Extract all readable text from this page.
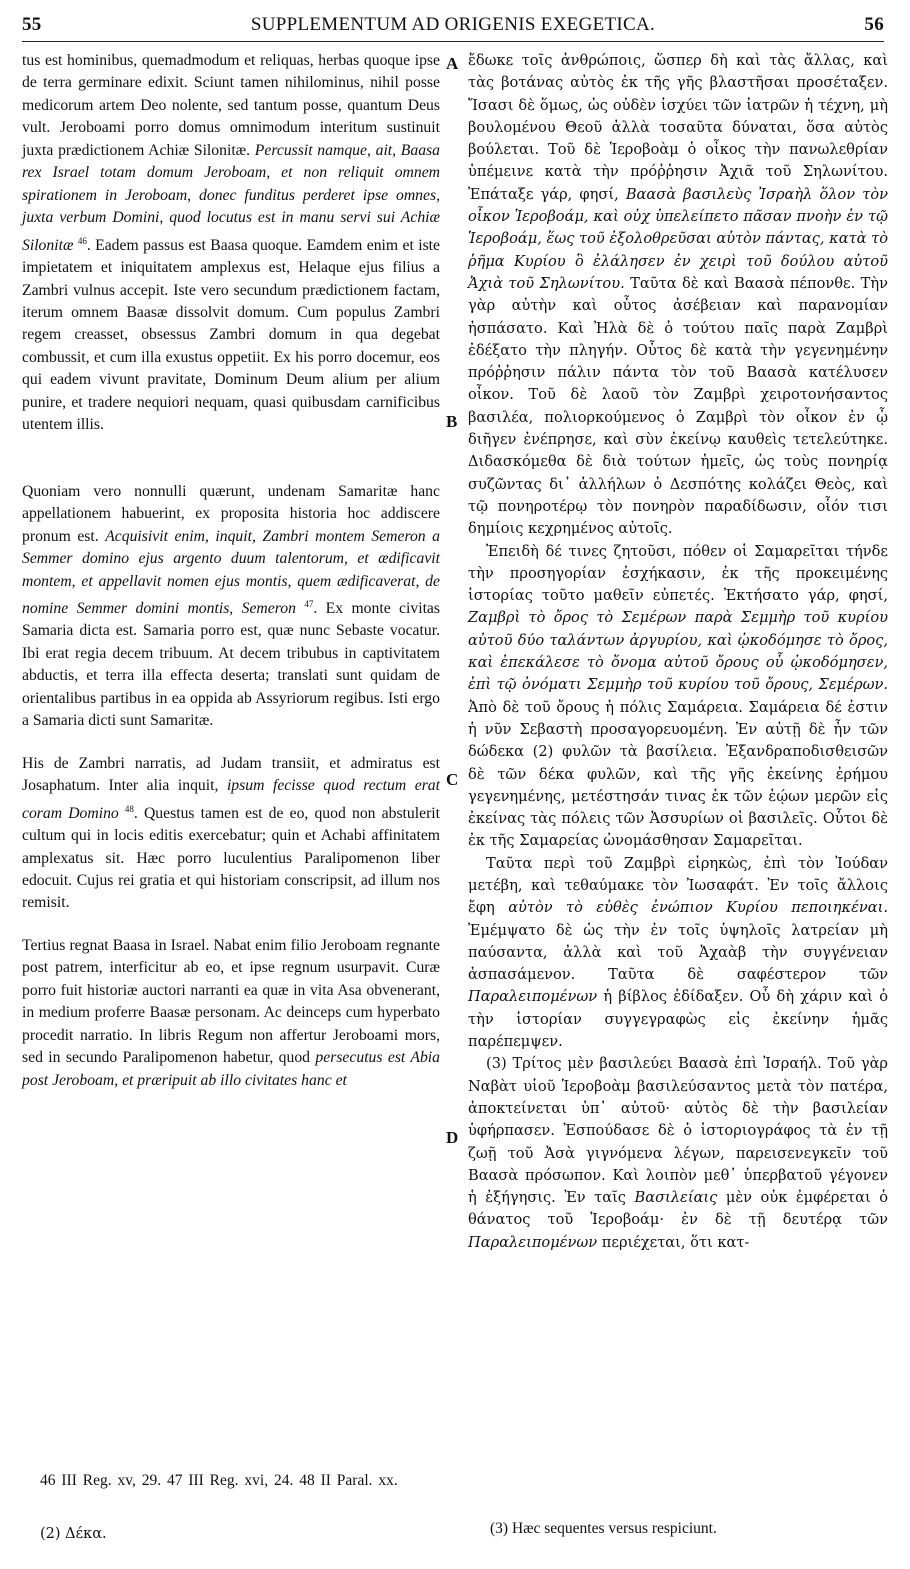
55	SUPPLEMENTUM AD ORIGENIS EXEGETICA.	56

tus est hominibus, quemadmodum et reliquas, herbas quoque ipse de terra germinare edixit. Sciunt tamen nihilominus, nihil posse medicorum artem Deo nolente, sed tantum posse, quantum Deus vult. Jeroboami porro domus omnimodum interitum sustinuit juxta prædictionem Achiæ Silonitæ. Percussit namque, ait, Baasa rex Israel totam domum Jeroboam, et non reliquit omnem spirationem in Jeroboam, donec funditus perderet ipse omnes, juxta verbum Domini, quod locutus est in manu servi sui Achiæ Silonitæ $^{46}$. Eadem passus est Baasa quoque. Eamdem enim et iste impietatem et iniquitatem amplexus est, Helaque ejus filius a Zambri vulnus accepit. Iste vero secundum prædictionem factam, iterum omnem Baasæ dissolvit domum. Cum populus Zambri regem creasset, obsessus Zambri domum in qua degebat combussit, et cum illa exustus oppetiit. Ex his porro docemur, eos qui eadem vivunt pravitate, Dominum Deum alium per alium punire, et tradere nequiori nequam, quasi quibusdam carnificibus utentem illis.

Quoniam vero nonnulli quærunt, undenam Samaritæ hanc appellationem habuerint, ex proposita historia hoc addiscere pronum est. Acquisivit enim, inquit, Zambri montem Semeron a Semmer domino ejus argento duum talentorum, et ædificavit montem, et appellavit nomen ejus montis, quem ædificaverat, de nomine Semmer domini montis, Semeron $^{47}$. Ex monte civitas Samaria dicta est. Samaria porro est, quæ nunc Sebaste vocatur. Ibi erat regia decem tribuum. At decem tribubus in captivitatem abductis, et terra illa effecta deserta; translati sunt quidam de orientalibus partibus in ea oppida ab Assyriorum regibus. Isti ergo a Samaria dicti sunt Samaritæ.

His de Zambri narratis, ad Judam transiit, et admiratus est Josaphatum. Inter alia inquit, ipsum fecisse quod rectum erat coram Domino $^{48}$. Questus tamen est de eo, quod non abstulerit cultum qui in locis editis exercebatur; quin et Achabi affinitatem amplexatus sit. Hæc porro luculentius Paralipomenon liber edocuit. Cujus rei gratia et qui historiam conscripsit, ad illum nos remisit.

Tertius regnat Baasa in Israel. Nabat enim filio Jeroboam regnante post patrem, interficitur ab eo, et ipse regnum usurpavit. Curæ porro fuit historiæ auctori narranti ea quæ in vita Asa obvenerant, in medium proferre Baasæ personam. Ac deinceps cum hyperbato procedit narratio. In libris Regum non affertur Jeroboami mors, sed in secundo Paralipomenon habetur, quod persecutus est Abia post Jeroboam, et præripuit ab illo civitates hanc et

A
B
C
D

ἔδωκε τοῖς ἀνθρώποις, ὥσπερ δὴ καὶ τὰς ἄλλας, καὶ τὰς βοτάνας αὐτὸς ἐκ τῆς γῆς βλαστῆσαι προσέταξεν. Ἴσασι δὲ ὅμως, ὡς οὐδὲν ἰσχύει τῶν ἰατρῶν ἡ τέχνη, μὴ βουλομένου Θεοῦ ἀλλὰ τοσαῦτα δύναται, ὅσα αὐτὸς βούλεται. Τοῦ δὲ Ἱεροβοὰμ ὁ οἶκος τὴν πανωλεθρίαν ὑπέμεινε κατὰ τὴν πρόῤῥησιν Ἀχιᾶ τοῦ Σηλωνίτου. Ἐπάταξε γάρ, φησί, Βαασὰ βασιλεὺς Ἰσραὴλ ὅλον τὸν οἶκον Ἱεροβοάμ, καὶ οὐχ ὑπελείπετο πᾶσαν πνοὴν ἐν τῷ Ἱεροβοάμ, ἕως τοῦ ἐξολοθρεῦσαι αὐτὸν πάντας, κατὰ τὸ ῥῆμα Κυρίου ὃ ἐλάλησεν ἐν χειρὶ τοῦ δούλου αὐτοῦ Ἀχιὰ τοῦ Σηλωνίτου. Ταῦτα δὲ καὶ Βαασὰ πέπονθε. Τὴν γὰρ αὐτὴν καὶ οὗτος ἀσέβειαν καὶ παρανομίαν ἠσπάσατο. Καὶ Ἠλὰ δὲ ὁ τούτου παῖς παρὰ Ζαμβρὶ ἐδέξατο τὴν πληγήν. Οὗτος δὲ κατὰ τὴν γεγενημένην πρόῤῥησιν πάλιν πάντα τὸν τοῦ Βαασὰ κατέλυσεν οἶκον. Τοῦ δὲ λαοῦ τὸν Ζαμβρὶ χειροτονήσαντος βασιλέα, πολιορκούμενος ὁ Ζαμβρὶ τὸν οἶκον ἐν ᾧ διῆγεν ἐνέπρησε, καὶ σὺν ἐκείνῳ καυθεὶς τετελεύτηκε. Διδασκόμεθα δὲ διὰ τούτων ἡμεῖς, ὡς τοὺς πονηρίᾳ συζῶντας δι᾽ ἀλλήλων ὁ Δεσπότης κολάζει Θεὸς, καὶ τῷ πονηροτέρῳ τὸν πονηρὸν παραδίδωσιν, οἷόν τισι δημίοις κεχρημένος αὐτοῖς.

Ἐπειδὴ δέ τινες ζητοῦσι, πόθεν οἱ Σαμαρεῖται τήνδε τὴν προσηγορίαν ἐσχήκασιν, ἐκ τῆς προκειμένης ἱστορίας τοῦτο μαθεῖν εὐπετές. Ἐκτήσατο γάρ, φησί, Ζαμβρὶ τὸ ὄρος τὸ Σεμέρων παρὰ Σεμμὴρ τοῦ κυρίου αὐτοῦ δύο ταλάντων ἀργυρίου, καὶ ᾠκοδόμησε τὸ ὄρος, καὶ ἐπεκάλεσε τὸ ὄνομα αὐτοῦ ὄρους οὗ ᾠκοδόμησεν, ἐπὶ τῷ ὀνόματι Σεμμὴρ τοῦ κυρίου τοῦ ὄρους, Σεμέρων. Ἀπὸ δὲ τοῦ ὄρους ἡ πόλις Σαμάρεια. Σαμάρεια δέ ἐστιν ἡ νῦν Σεβαστὴ προσαγορευομένη. Ἐν αὐτῇ δὲ ἦν τῶν δώδεκα (2) φυλῶν τὰ βασίλεια. Ἐξανδραποδισθεισῶν δὲ τῶν δέκα φυλῶν, καὶ τῆς γῆς ἐκείνης ἐρήμου γεγενημένης, μετέστησάν τινας ἐκ τῶν ἑῴων μερῶν εἰς ἐκείνας τὰς πόλεις τῶν Ἀσσυρίων οἱ βασιλεῖς. Οὗτοι δὲ ἐκ τῆς Σαμαρείας ὠνομάσθησαν Σαμαρεῖται.

Ταῦτα περὶ τοῦ Ζαμβρὶ εἰρηκὼς, ἐπὶ τὸν Ἰούδαν μετέβη, καὶ τεθαύμακε τὸν Ἰωσαφάτ. Ἐν τοῖς ἄλλοις ἔφη αὐτὸν τὸ εὐθὲς ἐνώπιον Κυρίου πεποιηκέναι. Ἐμέμψατο δὲ ὡς τὴν ἐν τοῖς ὑψηλοῖς λατρείαν μὴ παύσαντα, ἀλλὰ καὶ τοῦ Ἀχαὰβ τὴν συγγένειαν ἀσπασάμενον. Ταῦτα δὲ σαφέστερον τῶν Παραλειπομένων ἡ βίβλος ἐδίδαξεν. Οὗ δὴ χάριν καὶ ὁ τὴν ἱστορίαν συγγεγραφὼς εἰς ἐκείνην ἡμᾶς παρέπεμψεν.

(3) Τρίτος μὲν βασιλεύει Βαασὰ ἐπὶ Ἰσραήλ. Τοῦ γὰρ Ναβὰτ υἱοῦ Ἱεροβοὰμ βασιλεύσαντος μετὰ τὸν πατέρα, ἀποκτείνεται ὑπ᾽ αὐτοῦ· αὐτὸς δὲ τὴν βασιλείαν ὑφήρπασεν. Ἐσπούδασε δὲ ὁ ἱστοριογράφος τὰ ἐν τῇ ζωῇ τοῦ Ἀσὰ γιγνόμενα λέγων, παρεισενεγκεῖν τοῦ Βαασὰ πρόσωπον. Καὶ λοιπὸν μεθ᾽ ὑπερβατοῦ γέγονεν ἡ ἐξήγησις. Ἐν ταῖς Βασιλείαις μὲν οὐκ ἐμφέρεται ὁ θάνατος τοῦ Ἱεροβοάμ· ἐν δὲ τῇ δευτέρᾳ τῶν Παραλειπομένων περιέχεται, ὅτι κατ-

46 III Reg. xv, 29. 47 III Reg. xvi, 24. 48 II Paral. xx.
(2) Δέκα.	(3) Hæc sequentes versus respiciunt.
